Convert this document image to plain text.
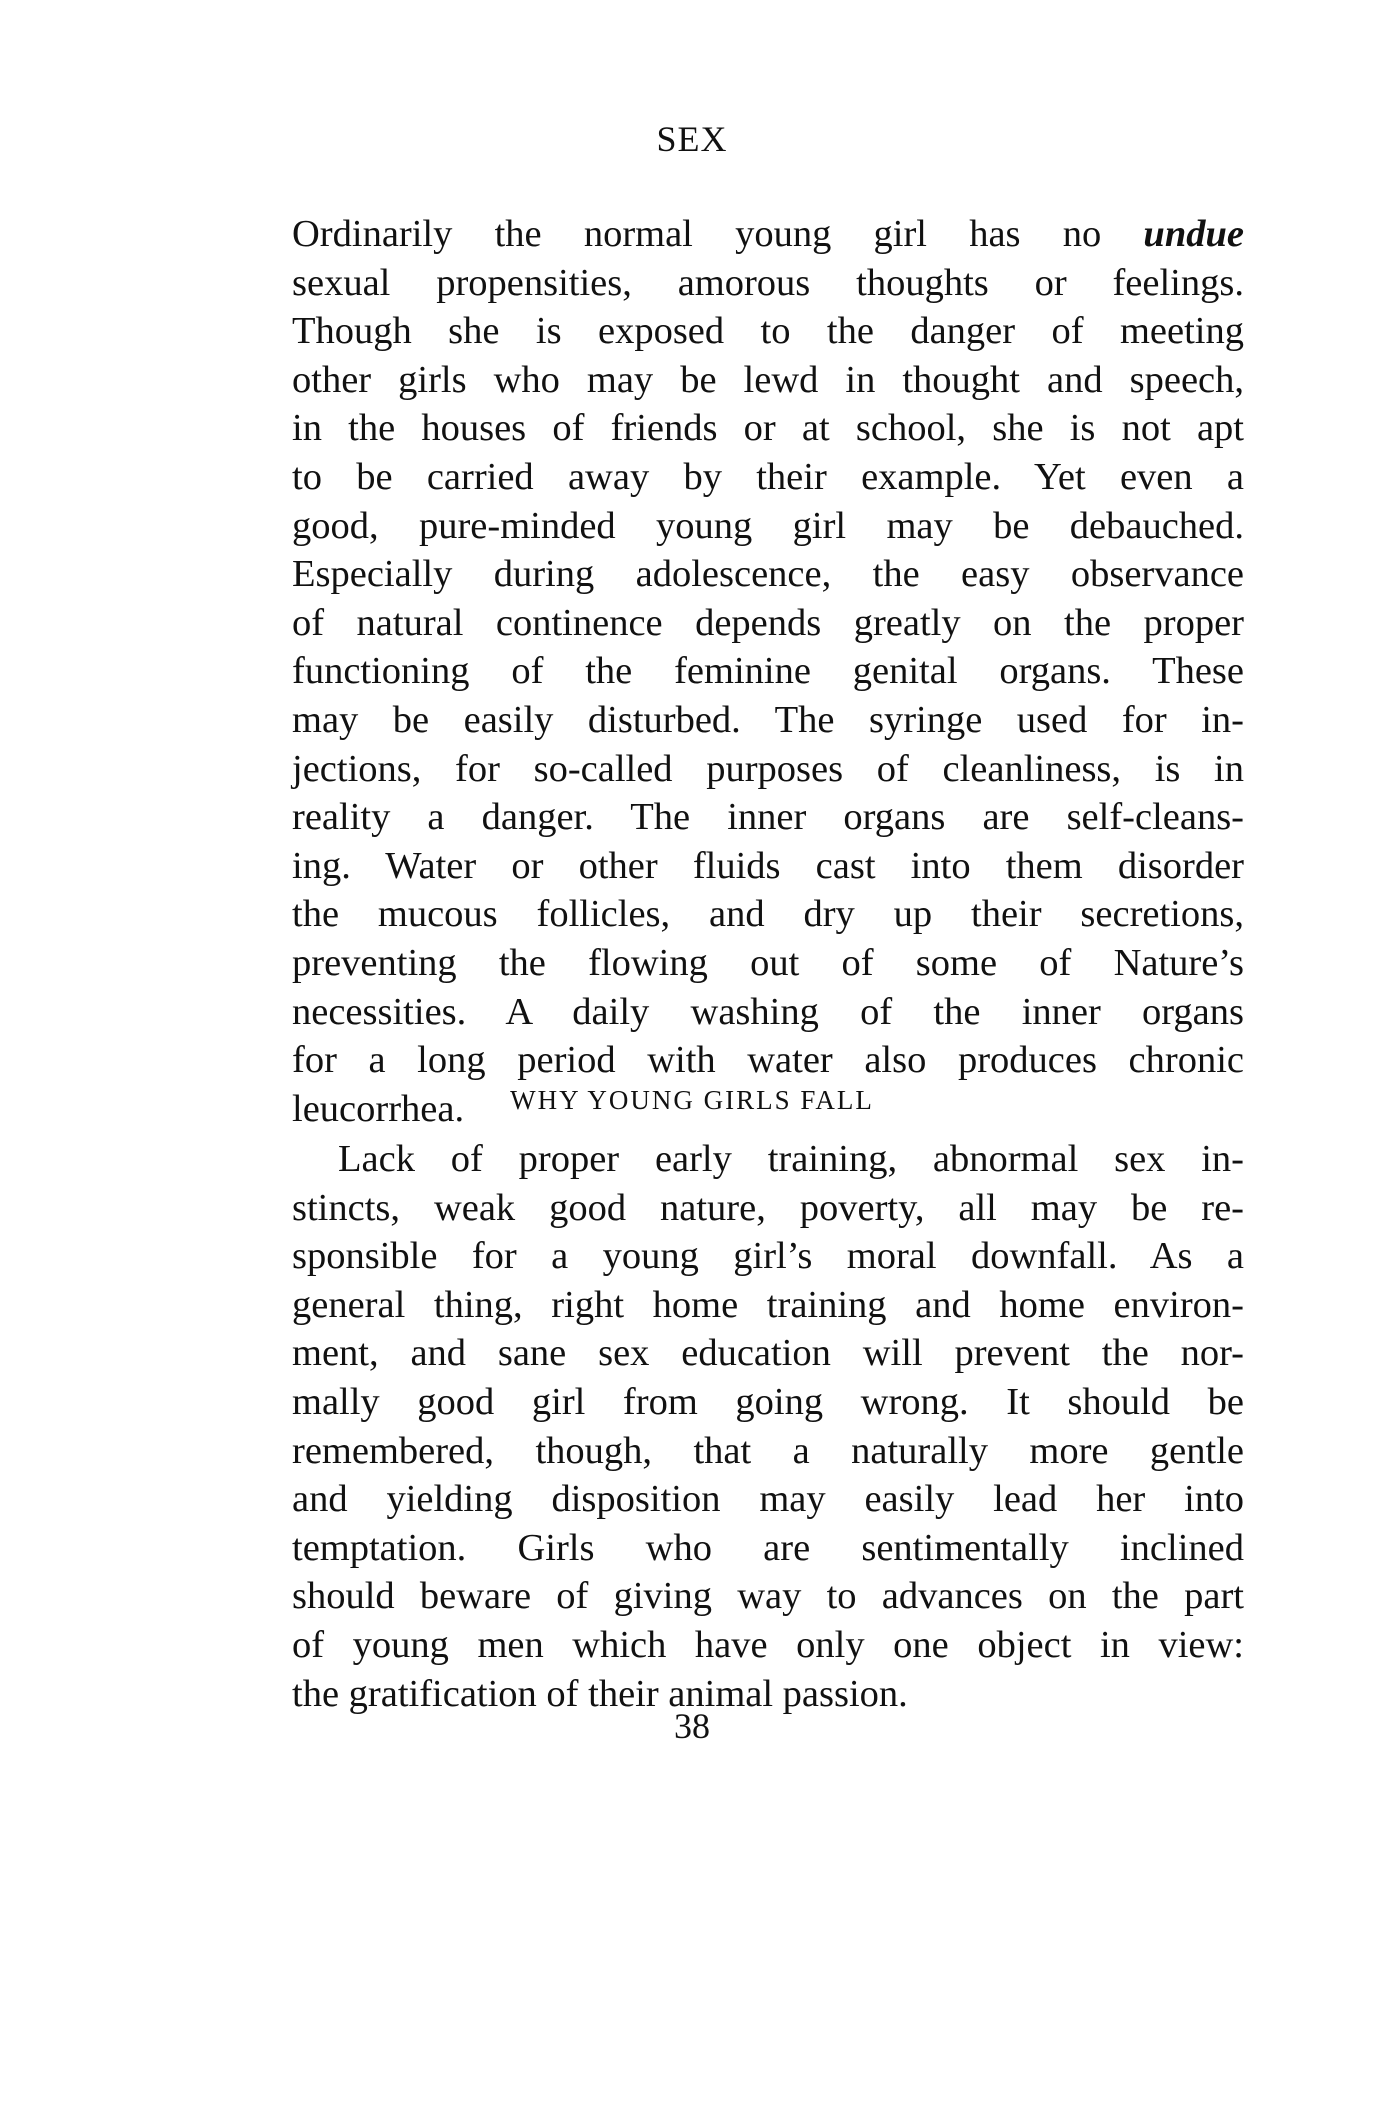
SEX
Ordinarily the normal young girl has no undue
sexual propensities, amorous thoughts or feelings.
Though she is exposed to the danger of meeting
other girls who may be lewd in thought and speech,
in the houses of friends or at school, she is not apt
to be carried away by their example. Yet even a
good, pure-minded young girl may be debauched.
Especially during adolescence, the easy observance
of natural continence depends greatly on the proper
functioning of the feminine genital organs. These
may be easily disturbed. The syringe used for in-
jections, for so-called purposes of cleanliness, is in
reality a danger. The inner organs are self-cleans-
ing. Water or other fluids cast into them disorder
the mucous follicles, and dry up their secretions,
preventing the flowing out of some of Nature’s
necessities. A daily washing of the inner organs
for a long period with water also produces chronic
leucorrhea.	WHY YOUNG GIRLS FALL
Lack of proper early training, abnormal sex in-
stincts, weak good nature, poverty, all may be re-
sponsible for a young girl’s moral downfall. As a
general thing, right home training and home environ-
ment, and sane sex education will prevent the nor-
mally good girl from going wrong. It should be
remembered, though, that a naturally more gentle
and yielding disposition may easily lead her into
temptation. Girls who are sentimentally inclined
should beware of giving way to advances on the part
of young men which have only one object in view:
the gratification of their animal passion.
38
